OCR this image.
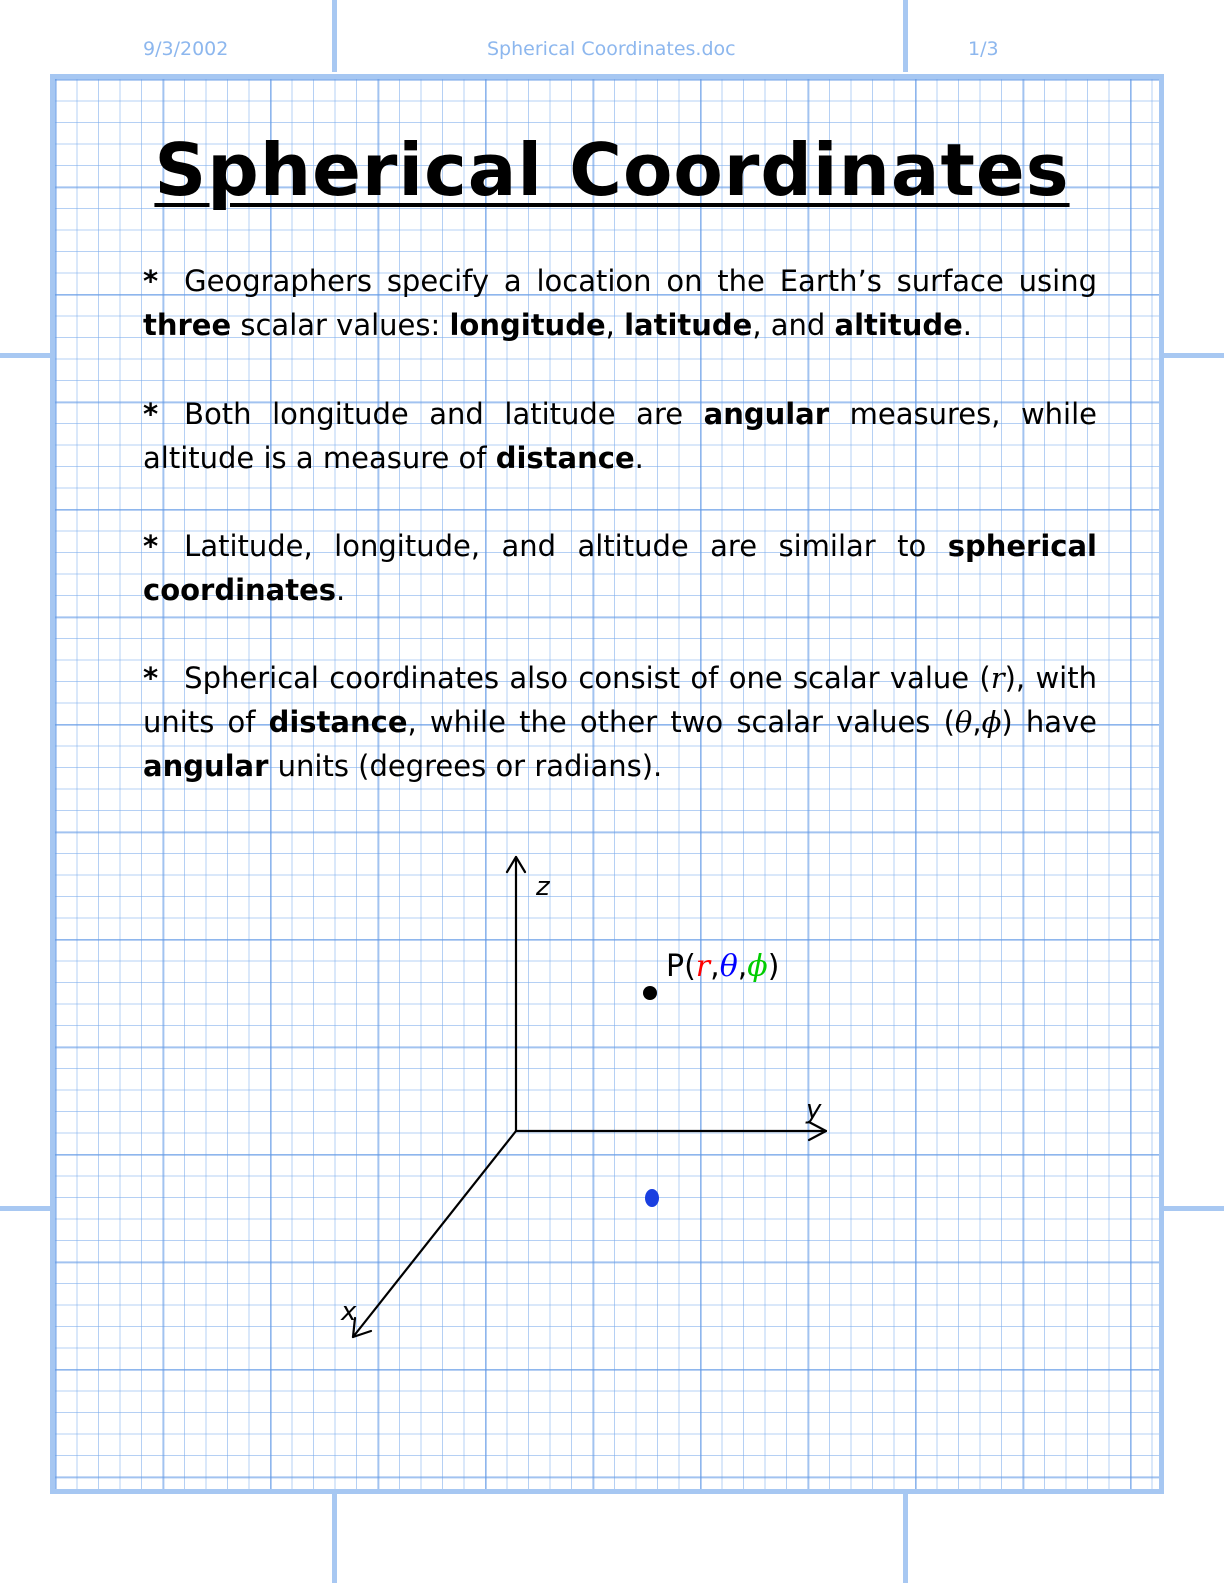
9/3/2002	Spherical Coordinates.doc	1/3
Spherical Coordinates
* Geographers specify a location on the Earth’s surface using three scalar values: longitude, latitude, and altitude.
* Both longitude and latitude are angular measures, while altitude is a measure of distance.
* Latitude, longitude, and altitude are similar to spherical coordinates.
* Spherical coordinates also consist of one scalar value (r), with units of distance, while the other two scalar values (θ,ϕ) have angular units (degrees or radians).
z
y
x
P(r,θ,ϕ)
